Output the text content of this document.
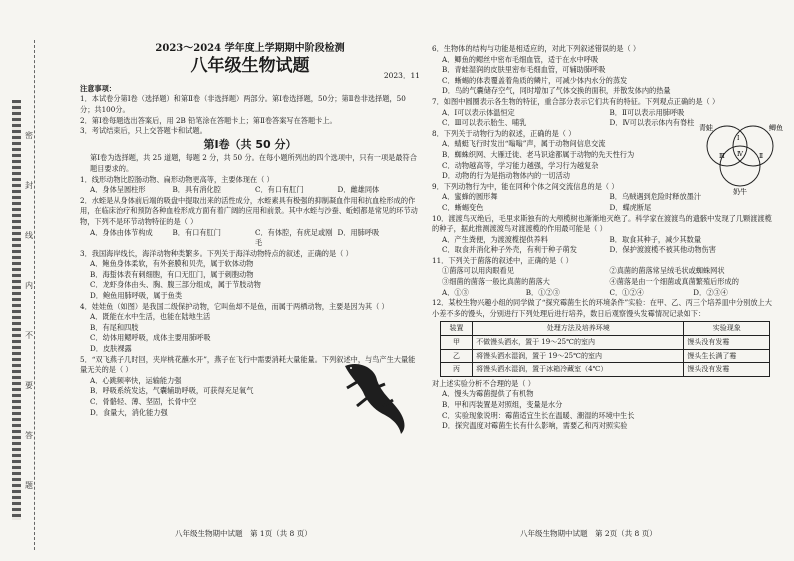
密
封
线
内
不
要
答
题

2023～2024 学年度上学期期中阶段检测

八年级生物试题

2023．11

注意事项：

1．本试卷分第Ⅰ卷（选择题）和第Ⅱ卷（非选择题）两部分。第Ⅰ卷选择题，50分；第Ⅱ卷非选择题，50 分；共100分。

2．第Ⅰ卷每题选出答案后，用 2B 铅笔涂在答题卡上；第Ⅱ卷答案写在答题卡上。

3．考试结束后，只上交答题卡和试题。

第Ⅰ卷（共 50 分）

第Ⅰ卷为选择题，共 25 道题，每题 2 分，共 50 分。在每小题所列出的四个选项中，只有一项是最符合题目要求的。

1．线形动物比腔肠动物、扁形动物更高等，主要体现在（ ）

A．身体呈圆柱形	B．具有消化腔	C．有口有肛门	D．雌雄同体

2．水蛭是从身体前后端的吸盘中提取出来的活性成分，水蛭素具有极强的抑制凝血作用和抗血栓形成的作用，在临床治疗和预防各种血栓形成方面有着广阔的应用和前景。其中水蛭与沙蚕、蚯蚓都是常见的环节动物，下列不是环节动物特征的是（ ）

A．身体由体节构成	B．有口有肛门	C．有体腔，有疣足或刚毛

D．用肺呼吸

3．我国海岸线长，海洋动物种类繁多。下列关于海洋动物特点的叙述，正确的是（ ）

A．鲍鱼身体柔软，有外套膜和贝壳，属于软体动物

B．海蜇体表有刺细胞，有口无肛门，属于刺胞动物

C．龙虾身体由头、胸、腹三部分组成，属于节肢动物

D．鲍鱼用肺呼吸，属于鱼类

4．娃娃鱼（如图）是我国二级保护动物，它叫鱼却不是鱼，而属于两栖动物，主要是因为其（ ）

A．既能在水中生活，也能在陆地生活

B．有尾和四肢

C．幼体用鳃呼吸，成体主要用肺呼吸

D．皮肤裸露

5．“双飞燕子几时回，夹岸桃花蘸水开”，燕子在飞行中需要消耗大量能量。下列叙述中，与鸟产生大量能量无关的是（ ）

A．心跳频率快，运输能力强

B．呼吸系统发达，气囊辅助呼吸，可获得充足氧气

C．骨骼轻、薄、坚固，长骨中空

D．食量大，消化能力强

6．生物体的结构与功能是相适应的，对此下列叙述错误的是（ ）

A．鲫鱼的鳃丝中密布毛细血管，适于在水中呼吸

B．青蛙湿润的皮肤里密布毛细血管，可辅助肺呼吸

C．蜥蜴的体表覆盖着角质的鳞片，可减少体内水分的蒸发

D．鸟的气囊储存空气，同时增加了气体交换的面积，并散发体内的热量

7．如图中圆圈表示各生物的特征，重合部分表示它们共有的特征。下列观点正确的是（ ）

A．Ⅰ可以表示体温恒定	B．Ⅱ可以表示用肺呼吸

C．Ⅲ可以表示胎生、哺乳	D．Ⅳ可以表示体内有脊柱

8．下列关于动物行为的叙述，正确的是（ ）

A．蜻蜓飞行时发出“嗡嗡”声，属于动物间信息交流

B．蜘蛛织网、大雁迁徙、老马识途都属于动物的先天性行为

C．动物越高等，学习能力越强，学习行为越复杂

D．动物的行为是指动物体内的一切活动

9．下列动物行为中，能在同种个体之间交流信息的是（ ）

A．蜜蜂的圆形舞	B．乌贼遇到危险时释放墨汁

C．蜥蜴变色	D．蝶虎断尾

10．渡渡鸟灭绝后，毛里求斯独有的大颅榄树也渐渐地灭绝了。科学家在渡渡鸟的遗骸中发现了几颗渡渡榄的种子，据此推测渡渡鸟对渡渡榄的作用最可能是（ ）

A．产生粪便，为渡渡榄提供养料	B．取食其种子，减少其数量

C．取食并消化种子外壳，有利于种子萌发	D．保护渡渡榄不被其他动物伤害

11．下列关于菌落的叙述中，正确的是（ ）

①菌落可以用肉眼看见	②真菌的菌落常呈绒毛状或蜘蛛网状

③细菌的菌落一般比真菌的菌落大	④菌落是由一个细菌或真菌繁殖后形成的

A．①③	B．①②③	C．①②④	D．②③④

12．某校生物兴趣小组的同学做了“探究霉菌生长的环境条件”实验：在甲、乙、丙三个培养皿中分别放上大小差不多的馒头，分别进行下列处理后进行培养，数日后观察馒头发霉情况记录如下：

装置	处理方法及培养环境	实验现象
甲	不做馒头洒水，置于 19～25℃的室内	馒头没有发霉
乙	将馒头洒水湿润，置于 19～25℃的室内	馒头生长满了霉
丙	将馒头洒水湿润，置于冰箱冷藏室（4℃）	馒头没有发霉

对上述实验分析不合理的是（ ）

A．馒头为霉菌提供了有机物

B．甲和丙装置是对照组，变量是水分

C．实验现象说明：霉菌适宜生长在温暖、潮湿的环境中生长

D．探究温度对霉菌生长有什么影响，需要乙和丙对照实验

青蛙	鲫鱼
奶牛
Ⅰ
Ⅱ
Ⅲ Ⅳ
八年级生物期中试题　第 1页（共 8 页）	八年级生物期中试题　第 2页（共 8 页）
